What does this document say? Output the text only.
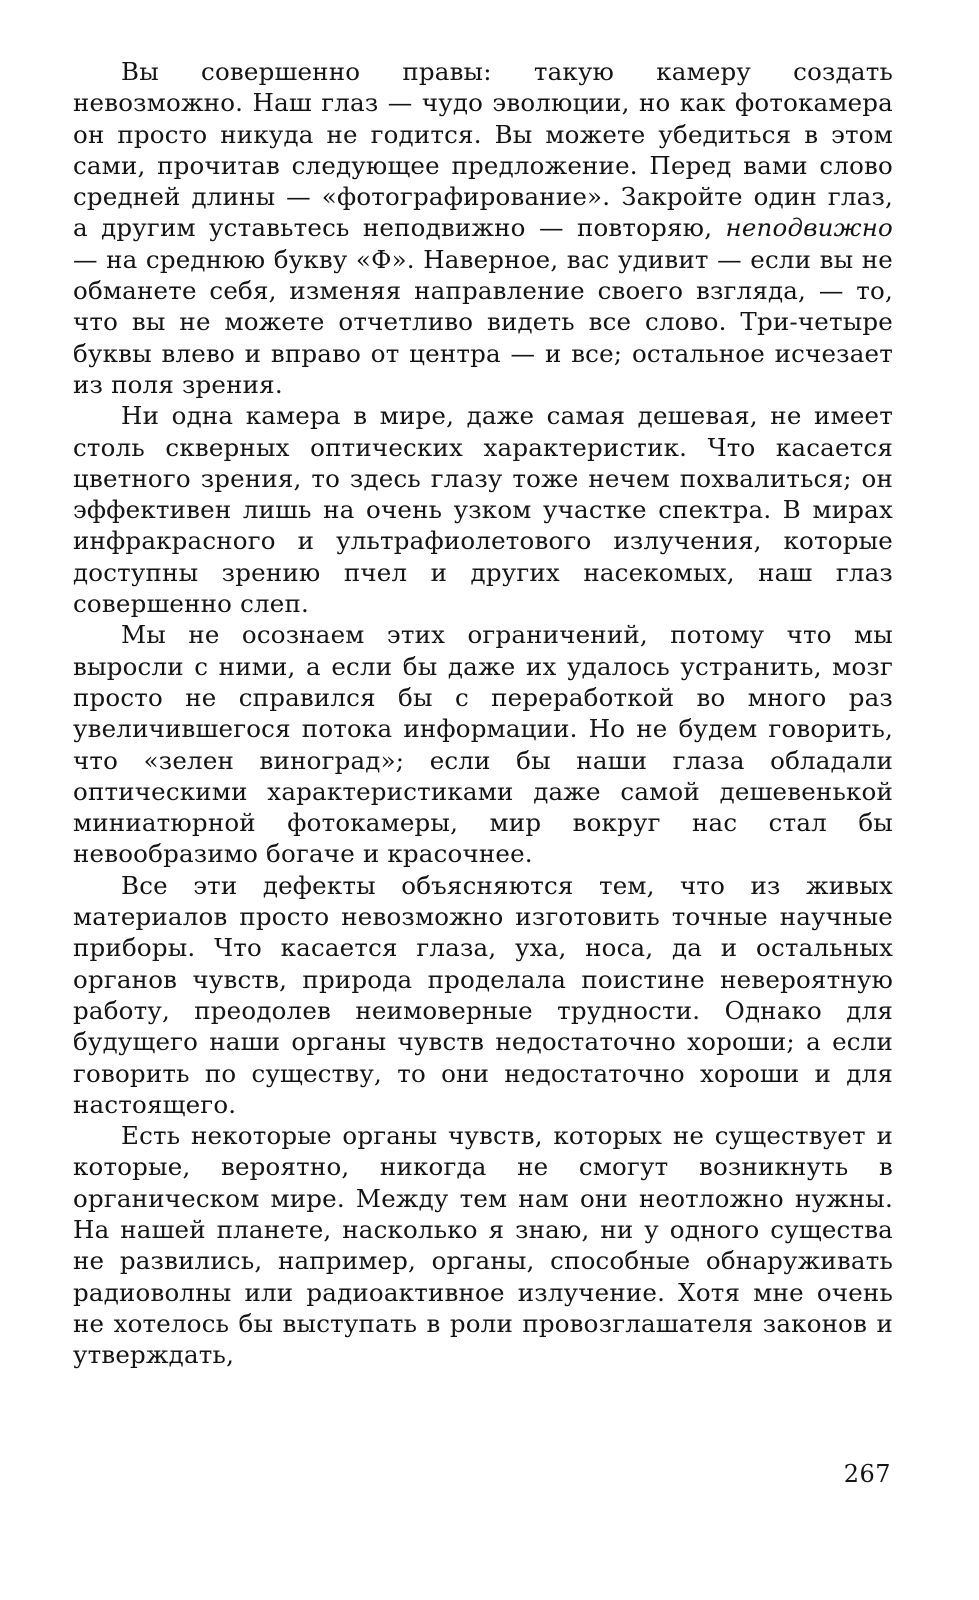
Вы совершенно правы: такую камеру создать невозможно. Наш глаз — чудо эволюции, но как фотокамера он просто никуда не годится. Вы можете убедиться в этом сами, прочитав следующее предложение. Перед вами слово средней длины — «фотографирование». Закройте один глаз, а другим уставьтесь неподвижно — повторяю, неподвижно — на среднюю букву «Ф». Наверное, вас удивит — если вы не обманете себя, изменяя направление своего взгляда, — то, что вы не можете отчетливо видеть все слово. Три-четыре буквы влево и вправо от центра — и все; остальное исчезает из поля зрения.

Ни одна камера в мире, даже самая дешевая, не имеет столь скверных оптических характеристик. Что касается цветного зрения, то здесь глазу тоже нечем похвалиться; он эффективен лишь на очень узком участке спектра. В мирах инфракрасного и ультрафиолетового излучения, которые доступны зрению пчел и других насекомых, наш глаз совершенно слеп.

Мы не осознаем этих ограничений, потому что мы выросли с ними, а если бы даже их удалось устранить, мозг просто не справился бы с переработкой во много раз увеличившегося потока информации. Но не будем говорить, что «зелен виноград»; если бы наши глаза обладали оптическими характеристиками даже самой дешевенькой миниатюрной фотокамеры, мир вокруг нас стал бы невообразимо богаче и красочнее.

Все эти дефекты объясняются тем, что из живых материалов просто невозможно изготовить точные научные приборы. Что касается глаза, уха, носа, да и остальных органов чувств, природа проделала поистине невероятную работу, преодолев неимоверные трудности. Однако для будущего наши органы чувств недостаточно хороши; а если говорить по существу, то они недостаточно хороши и для настоящего.

Есть некоторые органы чувств, которых не существует и которые, вероятно, никогда не смогут возникнуть в органическом мире. Между тем нам они неотложно нужны. На нашей планете, насколько я знаю, ни у одного существа не развились, например, органы, способные обнаруживать радиоволны или радиоактивное излучение. Хотя мне очень не хотелось бы выступать в роли провозглашателя законов и утверждать,

267
